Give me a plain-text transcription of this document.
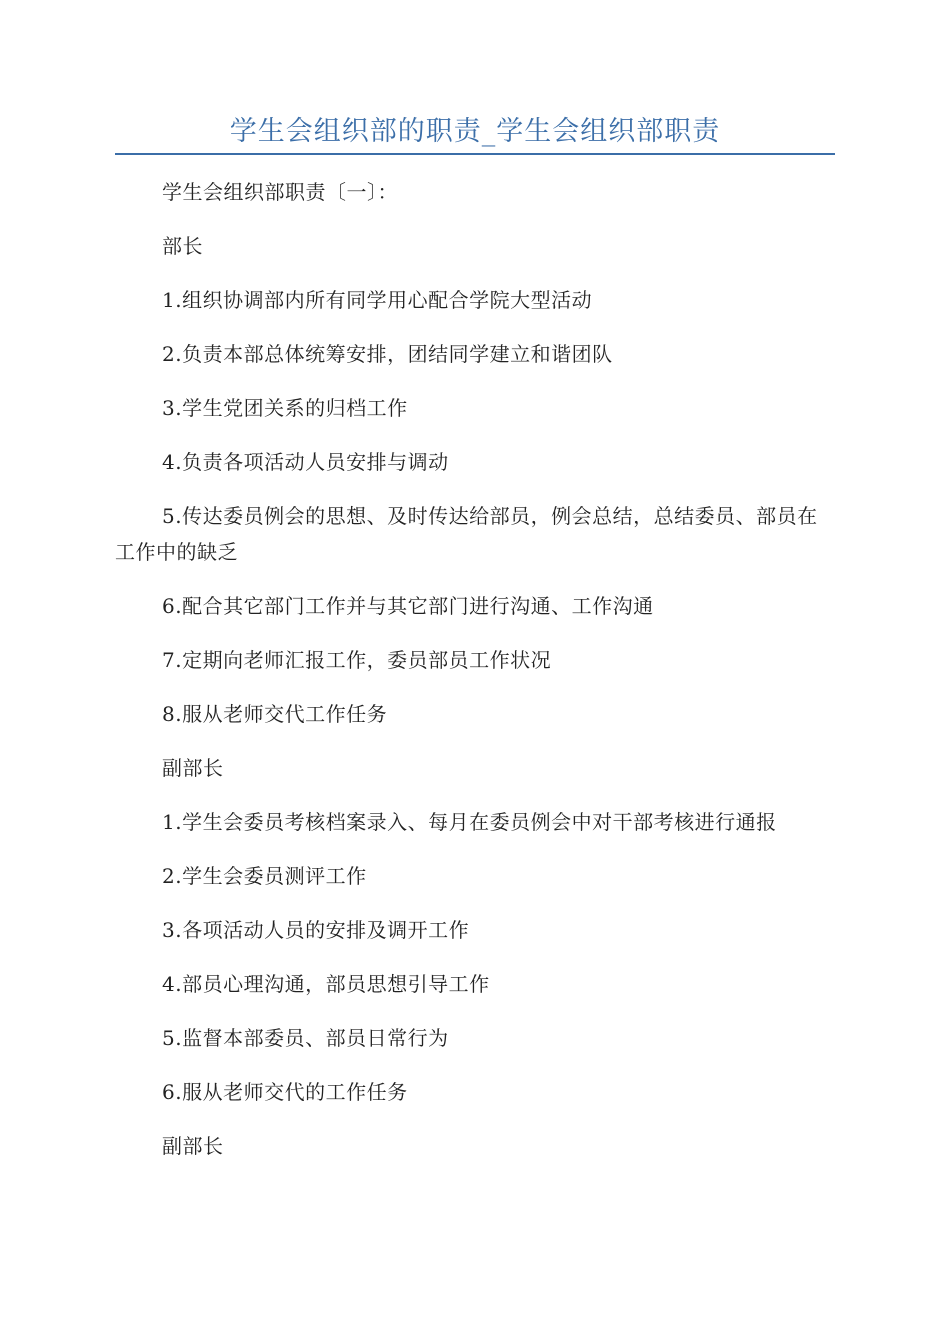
学生会组织部的职责_学生会组织部职责

学生会组织部职责〔一〕：

部长

1.组织协调部内所有同学用心配合学院大型活动

2.负责本部总体统筹安排，团结同学建立和谐团队

3.学生党团关系的归档工作

4.负责各项活动人员安排与调动

5.传达委员例会的思想、及时传达给部员，例会总结，总结委员、部员在工作中的缺乏

6.配合其它部门工作并与其它部门进行沟通、工作沟通

7.定期向老师汇报工作，委员部员工作状况

8.服从老师交代工作任务

副部长

1.学生会委员考核档案录入、每月在委员例会中对干部考核进行通报

2.学生会委员测评工作

3.各项活动人员的安排及调开工作

4.部员心理沟通，部员思想引导工作

5.监督本部委员、部员日常行为

6.服从老师交代的工作任务

副部长
